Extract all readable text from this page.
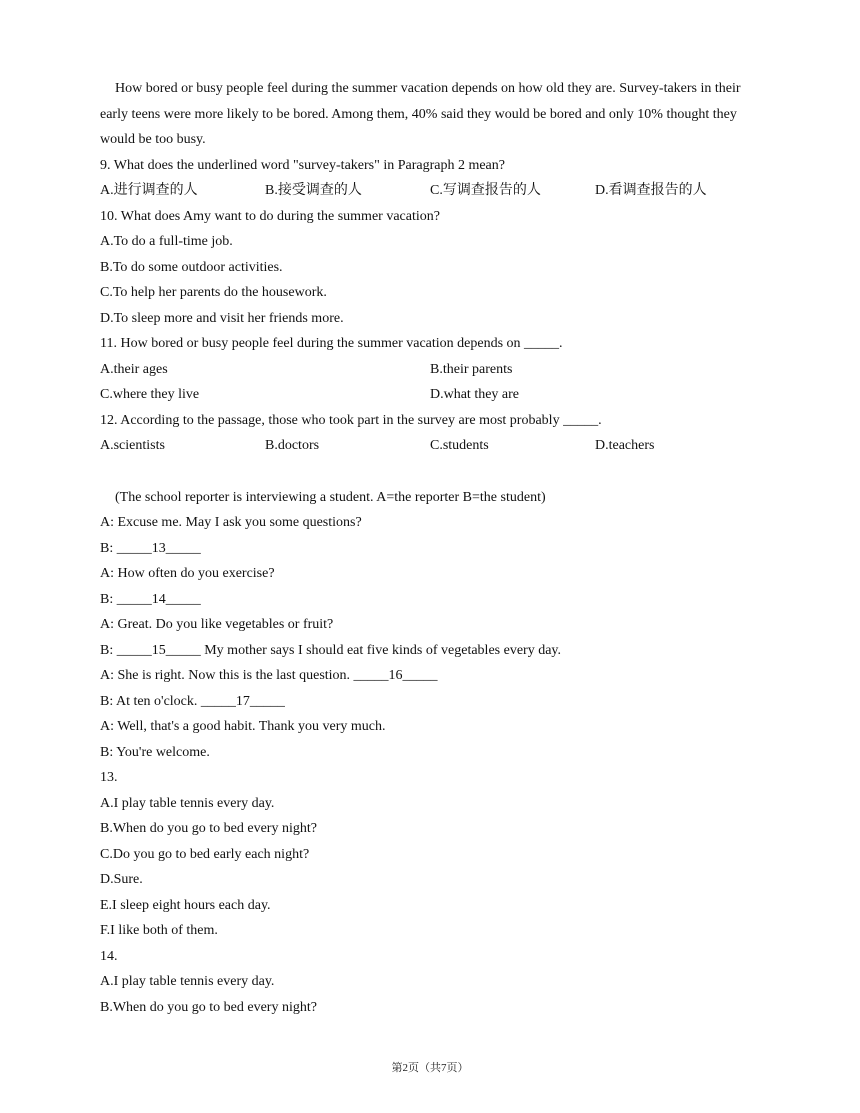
How bored or busy people feel during the summer vacation depends on how old they are. Survey-takers in their early teens were more likely to be bored. Among them, 40% said they would be bored and only 10% thought they would be too busy.
9. What does the underlined word "survey-takers" in Paragraph 2 mean?
A.进行调查的人	B.接受调查的人	C.写调查报告的人	D.看调查报告的人
10. What does Amy want to do during the summer vacation?
A.To do a full-time job.
B.To do some outdoor activities.
C.To help her parents do the housework.
D.To sleep more and visit her friends more.
11. How bored or busy people feel during the summer vacation depends on _____.
A.their ages	B.their parents
C.where they live	D.what they are
12. According to the passage, those who took part in the survey are most probably _____.
A.scientists	B.doctors	C.students	D.teachers
(The school reporter is interviewing a student. A=the reporter B=the student)
A: Excuse me. May I ask you some questions?
B: _____13_____
A: How often do you exercise?
B: _____14_____
A: Great. Do you like vegetables or fruit?
B: _____15_____ My mother says I should eat five kinds of vegetables every day.
A: She is right. Now this is the last question. _____16_____
B: At ten o'clock. _____17_____
A: Well, that's a good habit. Thank you very much.
B: You're welcome.
13.
A.I play table tennis every day.
B.When do you go to bed every night?
C.Do you go to bed early each night?
D.Sure.
E.I sleep eight hours each day.
F.I like both of them.
14.
A.I play table tennis every day.
B.When do you go to bed every night?
第2页（共7页）
